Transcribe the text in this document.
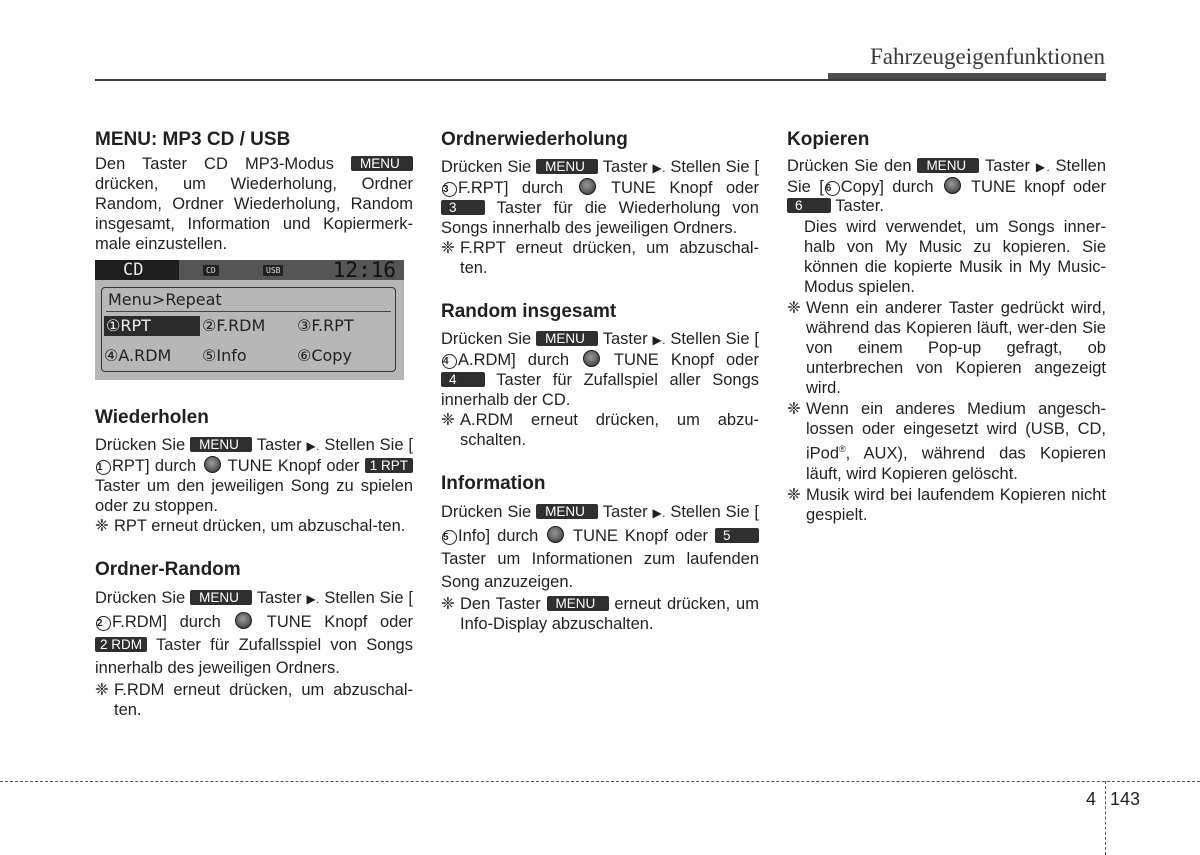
Fahrzeugeigenfunktionen
MENU: MP3 CD / USB

Den Taster CD MP3-Modus MENU drücken, um Wiederholung, Ordner Random, Ordner Wiederholung, Random insgesamt, Information und Kopiermerk-male einzustellen.

CD	CD	USB 12:16
Menu>Repeat
①RPT	②F.RDM ③F.RPT
④A.RDM ⑤Info	⑥Copy
Wiederholen

Drücken Sie MENU Taster ▶. Stellen Sie [1 RPT] durch TUNE Knopf oder 1 RPT Taster um den jeweiligen Song zu spielen oder zu stoppen.

❈ RPT erneut drücken, um abzuschal-ten.

Ordner-Random

Drücken Sie MENU Taster ▶. Stellen Sie [2 F.RDM] durch	TUNE Knopf oder 2 RDM Taster für Zufallsspiel von Songs innerhalb des jeweiligen Ordners.

❈ F.RDM erneut drücken, um abzuschal-ten.

Ordnerwiederholung

Drücken Sie MENU Taster ▶. Stellen Sie [3 F.RPT] durch	TUNE Knopf oder 3 Taster für die Wiederholung von Songs innerhalb des jeweiligen Ordners.

❈ F.RPT erneut drücken, um abzuschal-ten.

Random insgesamt

Drücken Sie MENU Taster ▶. Stellen Sie [4 A.RDM] durch	TUNE Knopf oder 4 Taster für Zufallspiel aller Songs innerhalb der CD.

❈ A.RDM erneut drücken, um abzu-schalten.

Information

Drücken Sie MENU Taster ▶. Stellen Sie [5 Info] durch TUNE Knopf oder 5 Taster um Informationen zum laufenden Song anzuzeigen.

❈ Den Taster MENU erneut drücken, um Info-Display abzuschalten.

Kopieren

Drücken Sie den MENU Taster ▶. Stellen Sie [ 6 Copy] durch TUNE knopf oder 6 Taster.

Dies wird verwendet, um Songs inner-halb von My Music zu kopieren. Sie können die kopierte Musik in My Music-Modus spielen.

❈ Wenn ein anderer Taster gedrückt wird, während das Kopieren läuft, wer-den Sie von einem Pop-up gefragt, ob unterbrechen von Kopieren angezeigt wird.

❈ Wenn ein anderes Medium angesch-lossen oder eingesetzt wird (USB, CD, iPod®, AUX), während das Kopieren läuft, wird Kopieren gelöscht.

❈ Musik wird bei laufendem Kopieren nicht gespielt.

4 143
